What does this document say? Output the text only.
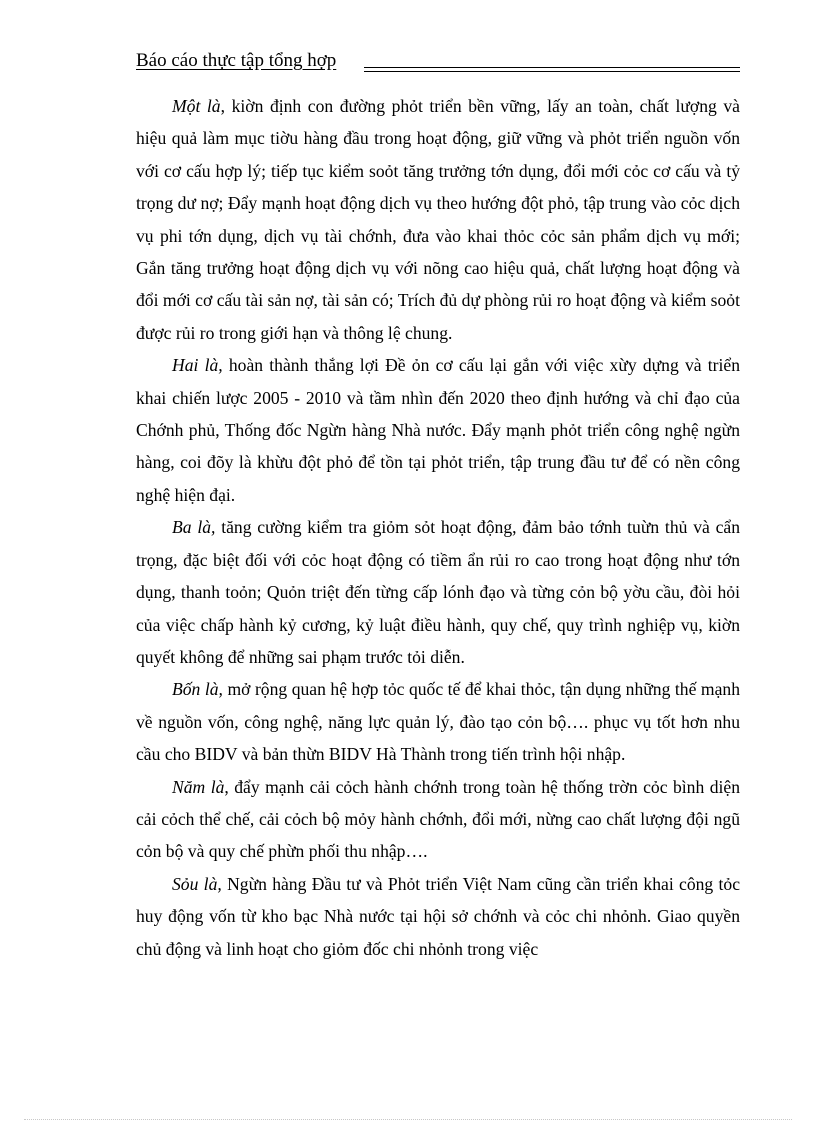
Báo cáo thực tập tổng hợp

Một là, kiờn định con đường phỏt triển bền vững, lấy an toàn, chất lượng và hiệu quả làm mục tiờu hàng đầu trong hoạt động, giữ vững và phỏt triển nguồn vốn với cơ cấu hợp lý; tiếp tục kiểm soỏt tăng trưởng tớn dụng, đổi mới cỏc cơ cấu và tỷ trọng dư nợ; Đẩy mạnh hoạt động dịch vụ theo hướng đột phỏ, tập trung vào cỏc dịch vụ phi tớn dụng, dịch vụ tài chớnh, đưa vào khai thỏc cỏc sản phẩm dịch vụ mới; Gắn tăng trưởng hoạt động dịch vụ với nõng cao hiệu quả, chất lượng hoạt động và đổi mới cơ cấu tài sản nợ, tài sản có; Trích đủ dự phòng rủi ro hoạt động và kiểm soỏt được rủi ro trong giới hạn và thông lệ chung.

Hai là, hoàn thành thắng lợi Đề ỏn cơ cấu lại gắn với việc xừy dựng và triển khai chiến lược 2005 - 2010 và tầm nhìn đến 2020 theo định hướng và chỉ đạo của Chớnh phủ, Thống đốc Ngừn hàng Nhà nước. Đẩy mạnh phỏt triển công nghệ ngừn hàng, coi đõy là khừu đột phỏ để tồn tại phỏt triển, tập trung đầu tư để có nền công nghệ hiện đại.

Ba là, tăng cường kiểm tra giỏm sỏt hoạt động, đảm bảo tớnh tuừn thủ và cẩn trọng, đặc biệt đối với cỏc hoạt động có tiềm ẩn rủi ro cao trong hoạt động như tớn dụng, thanh toỏn; Quỏn triệt đến từng cấp lónh đạo và từng cỏn bộ yờu cầu, đòi hỏi của việc chấp hành kỷ cương, kỷ luật điều hành, quy chế, quy trình nghiệp vụ, kiờn quyết không để những sai phạm trước tỏi diễn.

Bốn là, mở rộng quan hệ hợp tỏc quốc tế để khai thỏc, tận dụng những thế mạnh về nguồn vốn, công nghệ, năng lực quản lý, đào tạo cỏn bộ…. phục vụ tốt hơn nhu cầu cho BIDV và bản thừn BIDV Hà Thành trong tiến trình hội nhập.

Năm là, đẩy mạnh cải cỏch hành chớnh trong toàn hệ thống trờn cỏc bình diện cải cỏch thể chế, cải cỏch bộ mỏy hành chớnh, đổi mới, nừng cao chất lượng đội ngũ cỏn bộ và quy chế phừn phối thu nhập….

Sỏu là, Ngừn hàng Đầu tư và Phỏt triển Việt Nam cũng cần triển khai công tỏc huy động vốn từ kho bạc Nhà nước tại hội sở chớnh và cỏc chi nhỏnh. Giao quyền chủ động và linh hoạt cho giỏm đốc chi nhỏnh trong việc
